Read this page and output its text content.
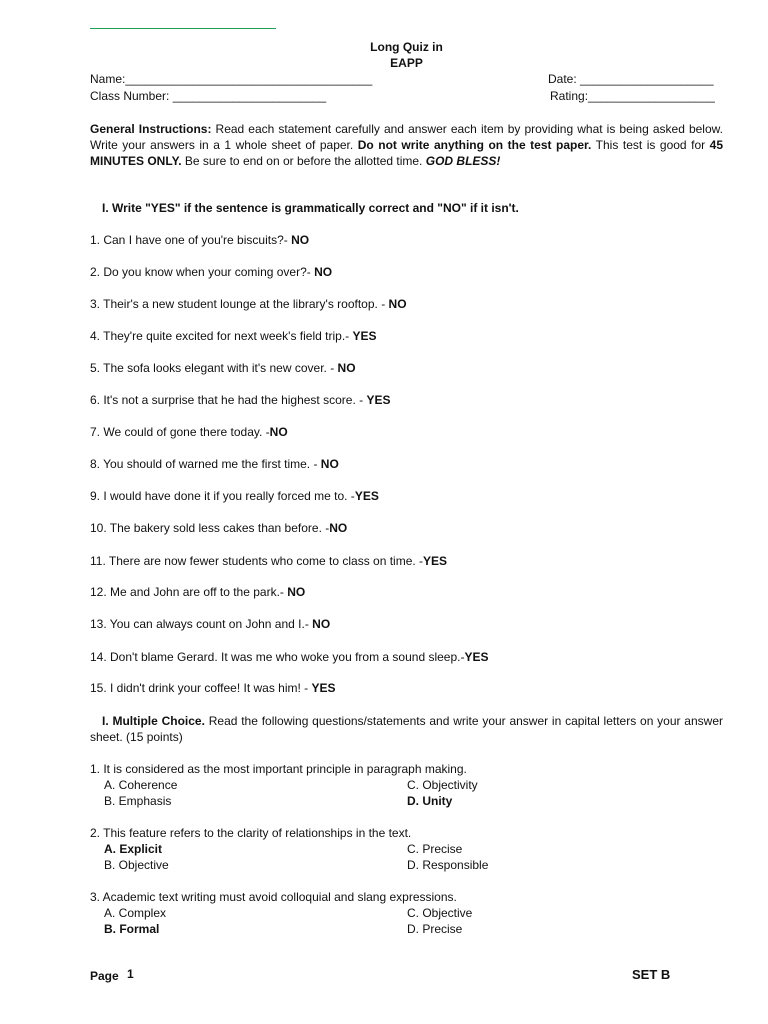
Long Quiz in
EAPP
Name:_____________________________________	Date: ____________________
Class Number: _______________________	Rating:___________________
General Instructions: Read each statement carefully and answer each item by providing what is being asked below. Write your answers in a 1 whole sheet of paper. Do not write anything on the test paper. This test is good for 45 MINUTES ONLY. Be sure to end on or before the allotted time. GOD BLESS!
I. Write "YES" if the sentence is grammatically correct and "NO" if it isn't.
1. Can I have one of you're biscuits?- NO
2. Do you know when your coming over?- NO
3. Their's a new student lounge at the library's rooftop. - NO
4. They're quite excited for next week's field trip.- YES
5. The sofa looks elegant with it's new cover. - NO
6. It's not a surprise that he had the highest score. - YES
7. We could of gone there today. -NO
8. You should of warned me the first time. - NO
9. I would have done it if you really forced me to. -YES
10. The bakery sold less cakes than before. -NO
11. There are now fewer students who come to class on time. -YES
12. Me and John are off to the park.- NO
13. You can always count on John and I.- NO
14. Don't blame Gerard. It was me who woke you from a sound sleep.-YES
15. I didn't drink your coffee! It was him! - YES
I. Multiple Choice. Read the following questions/statements and write your answer in capital letters on your answer sheet. (15 points)
1. It is considered as the most important principle in paragraph making.
A. Coherence	C. Objectivity
B. Emphasis	D. Unity
2. This feature refers to the clarity of relationships in the text.
A. Explicit	C. Precise
B. Objective	D. Responsible
3. Academic text writing must avoid colloquial and slang expressions.
A. Complex	C. Objective
B. Formal	D. Precise
Page 1	SET B
